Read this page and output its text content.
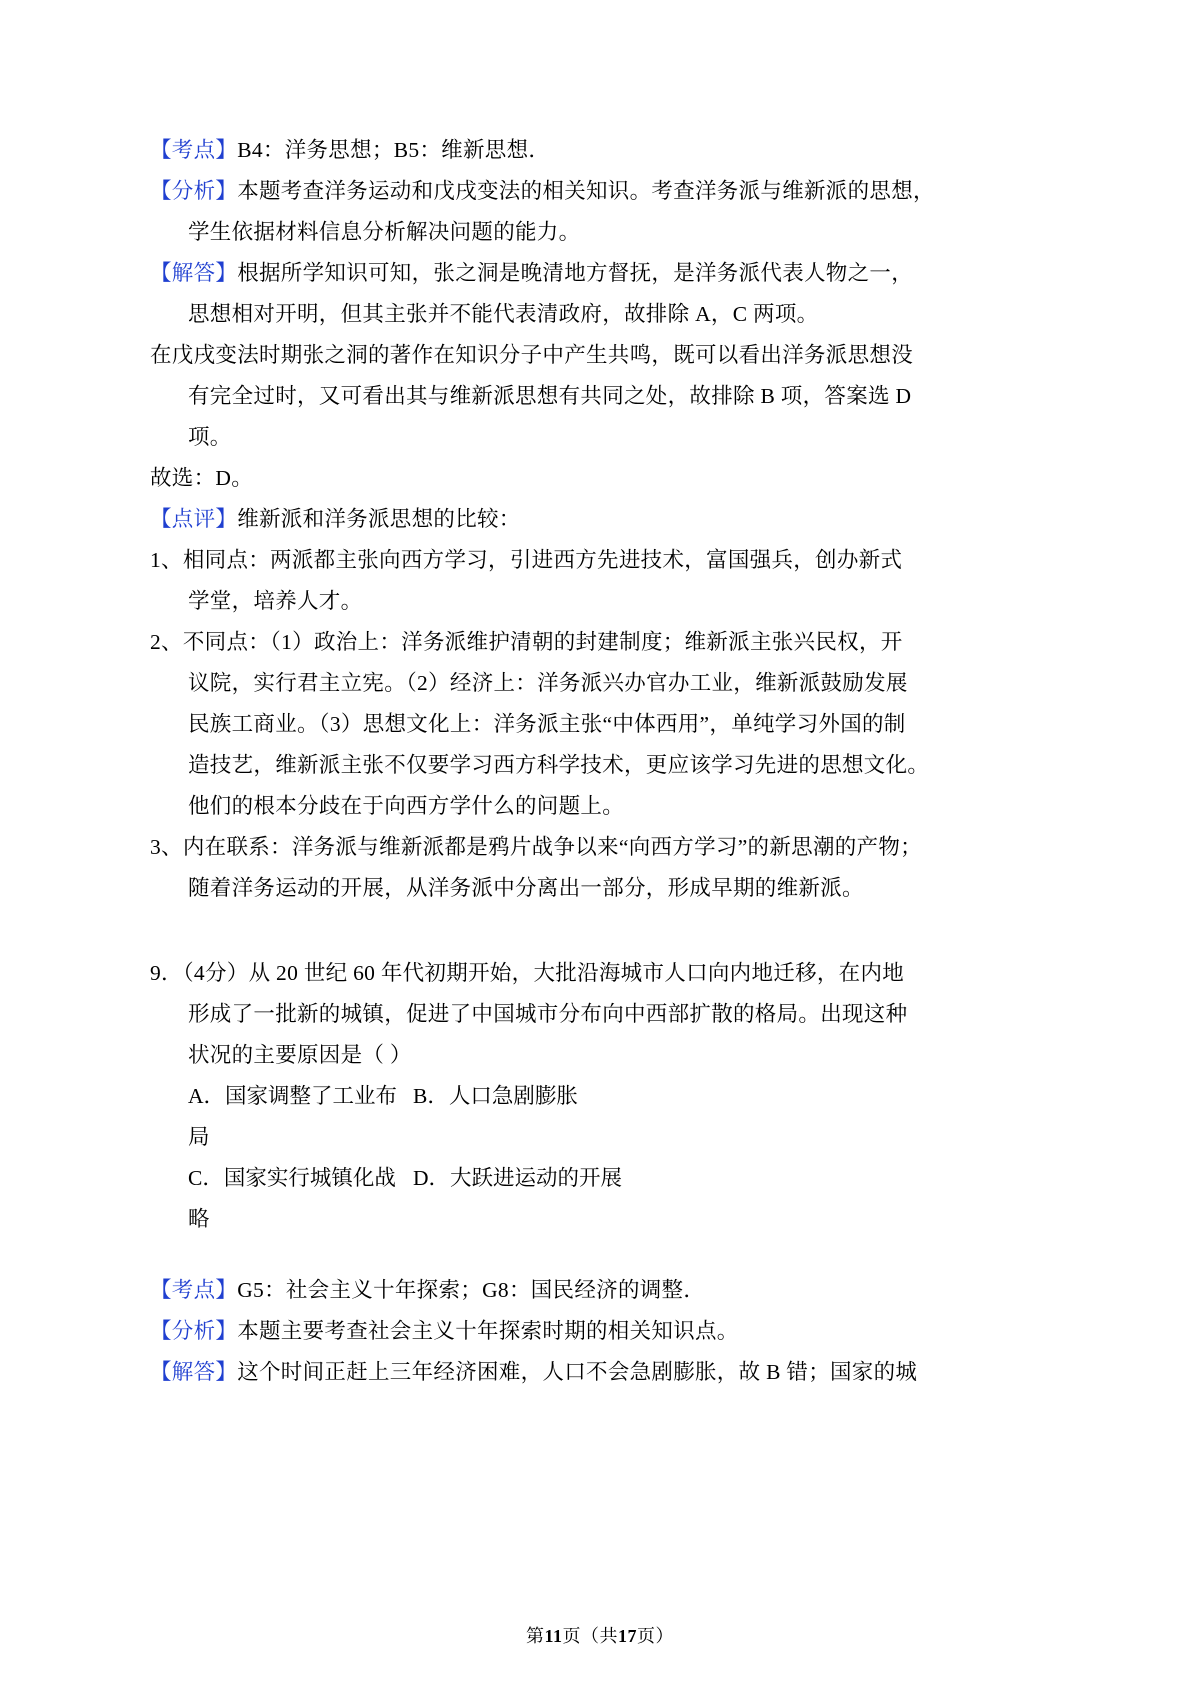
【考点】B4：洋务思想；B5：维新思想．
【分析】本题考查洋务运动和戊戌变法的相关知识。考查洋务派与维新派的思想，
学生依据材料信息分析解决问题的能力。
【解答】根据所学知识可知，张之洞是晚清地方督抚，是洋务派代表人物之一，
思想相对开明，但其主张并不能代表清政府，故排除 A，C 两项。
在戊戌变法时期张之洞的著作在知识分子中产生共鸣，既可以看出洋务派思想没
有完全过时，又可看出其与维新派思想有共同之处，故排除 B 项，答案选 D
项。
故选：D。
【点评】维新派和洋务派思想的比较：
1、相同点：两派都主张向西方学习，引进西方先进技术，富国强兵，创办新式
学堂，培养人才。
2、不同点：（1）政治上：洋务派维护清朝的封建制度；维新派主张兴民权，开
议院，实行君主立宪。（2）经济上：洋务派兴办官办工业，维新派鼓励发展
民族工商业。（3）思想文化上：洋务派主张“中体西用”，单纯学习外国的制
造技艺，维新派主张不仅要学习西方科学技术，更应该学习先进的思想文化。
他们的根本分歧在于向西方学什么的问题上。
3、内在联系：洋务派与维新派都是鸦片战争以来“向西方学习”的新思潮的产物；
随着洋务运动的开展，从洋务派中分离出一部分，形成早期的维新派。
9．（4分）从 20 世纪 60 年代初期开始，大批沿海城市人口向内地迁移，在内地
形成了一批新的城镇，促进了中国城市分布向中西部扩散的格局。出现这种
状况的主要原因是（ ）
A．国家调整了工业布局
B．人口急剧膨胀
C．国家实行城镇化战略
D．大跃进运动的开展
【考点】G5：社会主义十年探索；G8：国民经济的调整．
【分析】本题主要考查社会主义十年探索时期的相关知识点。
【解答】这个时间正赶上三年经济困难，人口不会急剧膨胀，故 B 错；国家的城
第11页（共17页）
